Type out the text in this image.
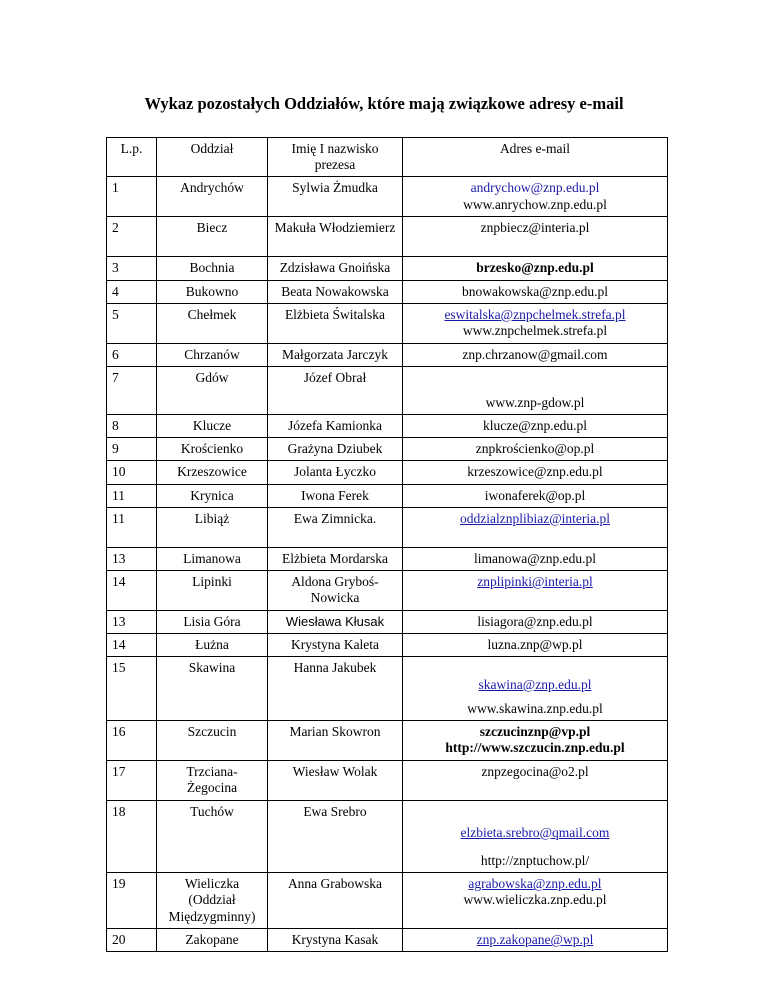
Wykaz pozostałych Oddziałów, które mają związkowe adresy e-mail
L.p.	Oddział	Imię I nazwisko prezesa	Adres e-mail
1	Andrychów	Sylwia Żmudka	andrychow@znp.edu.pl
www.anrychow.znp.edu.pl

2	Biecz	Makuła Włodziemierz	znpbiecz@interia.pl
3	Bochnia	Zdzisława Gnoińska	brzesko@znp.edu.pl
4	Bukowno	Beata Nowakowska	bnowakowska@znp.edu.pl
5	Chełmek	Elżbieta Świtalska	eswitalska@znpchelmek.strefa.pl
www.znpchelmek.strefa.pl

6	Chrzanów	Małgorzata Jarczyk	znp.chrzanow@gmail.com
7	Gdów	Józef Obrał	www.znp-gdow.pl
8	Klucze	Józefa Kamionka	klucze@znp.edu.pl
9	Krościenko	Grażyna Dziubek	znpkrościenko@op.pl
10	Krzeszowice	Jolanta Łyczko	krzeszowice@znp.edu.pl
11	Krynica	Iwona Ferek	iwonaferek@op.pl
11	Libiąż	Ewa Zimnicka.	oddzialznplibiaz@interia.pl
13	Limanowa	Elżbieta Mordarska	limanowa@znp.edu.pl
14	Lipinki	Aldona Gryboś-Nowicka	znplipinki@interia.pl
13	Lisia Góra	Wiesława Kłusak	lisiagora@znp.edu.pl
14	Łużna	Krystyna Kaleta	luzna.znp@wp.pl
15	Skawina	Hanna Jakubek	skawina@znp.edu.pl
www.skawina.znp.edu.pl

16	Szczucin	Marian Skowron	szczucinznp@vp.pl
http://www.szczucin.znp.edu.pl

17	Trzciana-Żegocina	Wiesław Wolak	znpzegocina@o2.pl
18	Tuchów	Ewa Srebro	elzbieta.srebro@qmail.com
http://znptuchow.pl/

19	Wieliczka (Oddział Międzygminny)	Anna Grabowska	agrabowska@znp.edu.pl
www.wieliczka.znp.edu.pl

20	Zakopane	Krystyna Kasak	znp.zakopane@wp.pl
